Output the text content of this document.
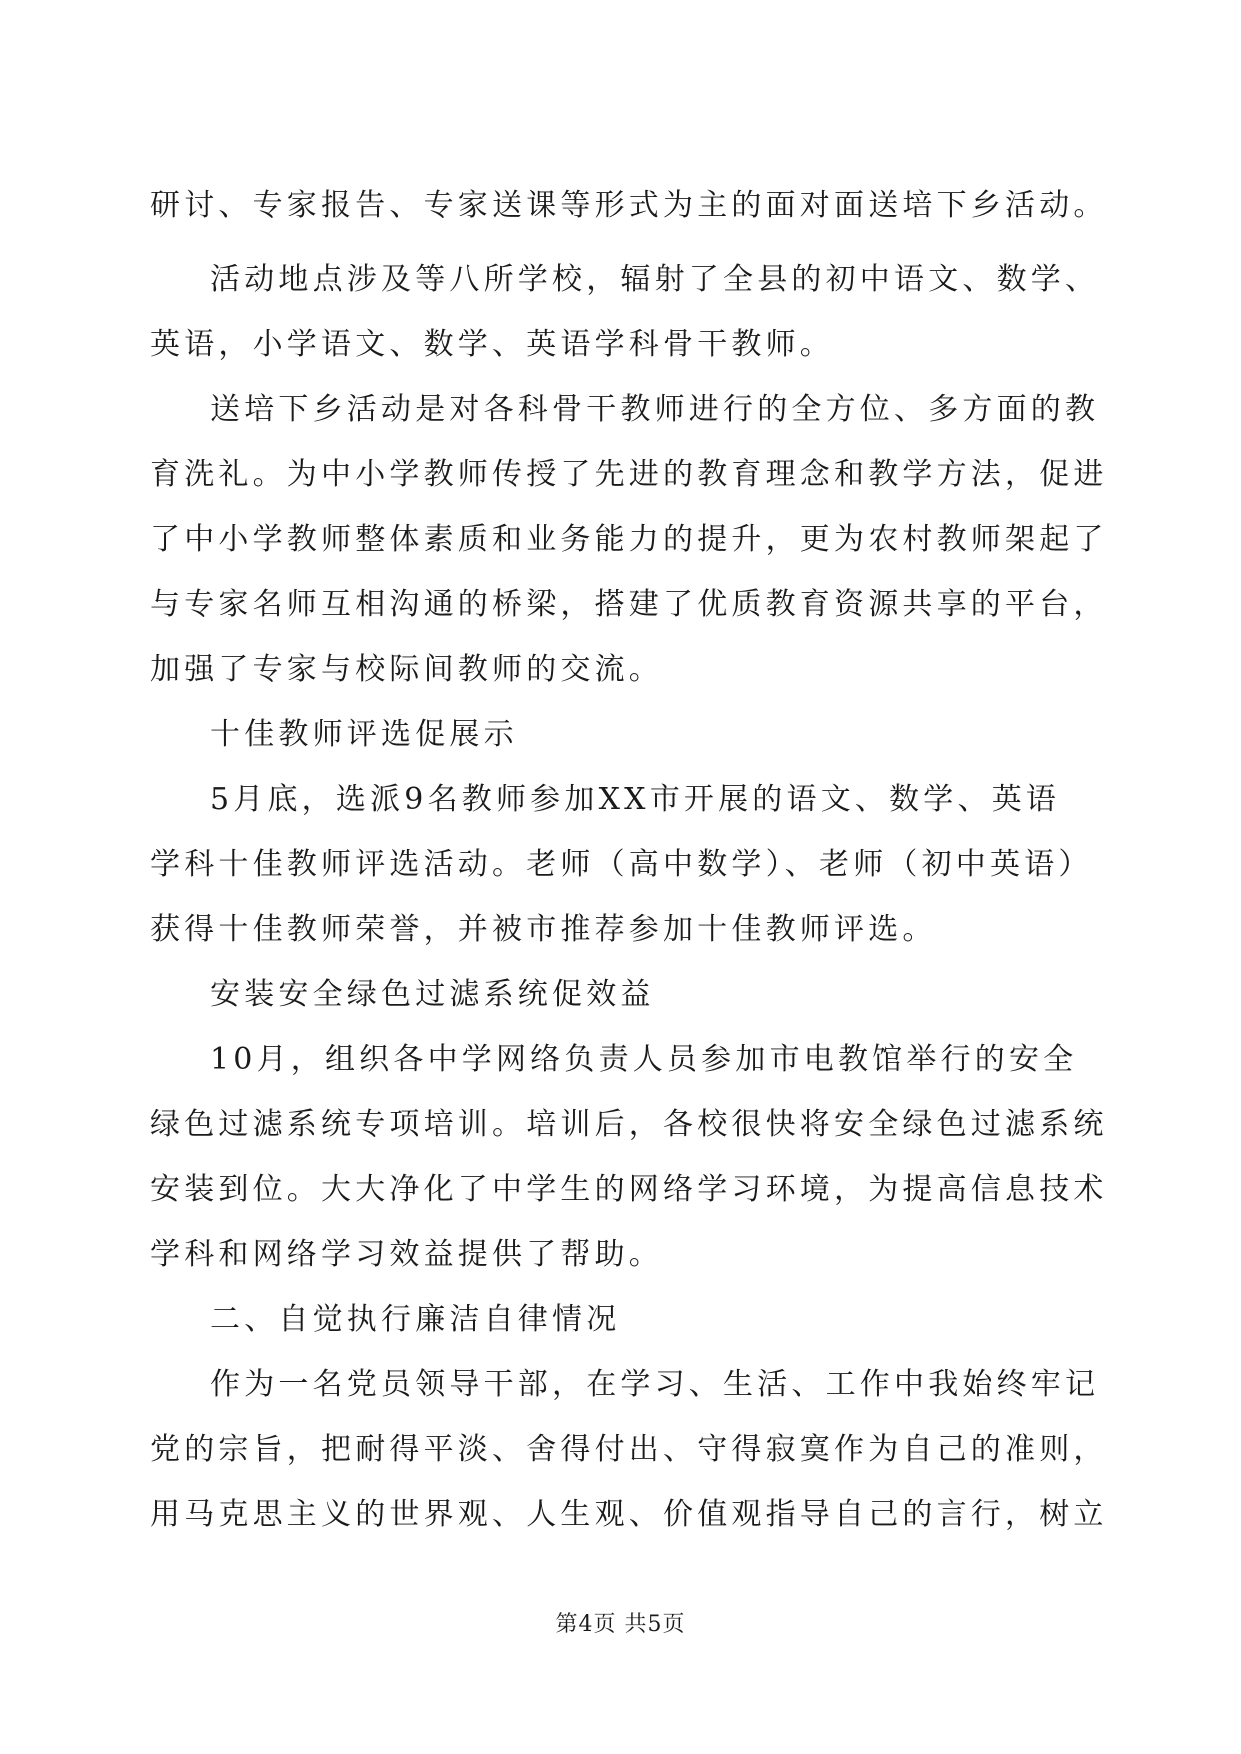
研讨、专家报告、专家送课等形式为主的面对面送培下乡活动。
活动地点涉及等八所学校，辐射了全县的初中语文、数学、
英语，小学语文、数学、英语学科骨干教师。
送培下乡活动是对各科骨干教师进行的全方位、多方面的教
育洗礼。为中小学教师传授了先进的教育理念和教学方法，促进
了中小学教师整体素质和业务能力的提升，更为农村教师架起了
与专家名师互相沟通的桥梁，搭建了优质教育资源共享的平台，
加强了专家与校际间教师的交流。
十佳教师评选促展示
5月底，选派9名教师参加XX市开展的语文、数学、英语
学科十佳教师评选活动。老师（高中数学）、老师（初中英语）
获得十佳教师荣誉，并被市推荐参加十佳教师评选。
安装安全绿色过滤系统促效益
10月，组织各中学网络负责人员参加市电教馆举行的安全
绿色过滤系统专项培训。培训后，各校很快将安全绿色过滤系统
安装到位。大大净化了中学生的网络学习环境，为提高信息技术
学科和网络学习效益提供了帮助。
二、自觉执行廉洁自律情况
作为一名党员领导干部，在学习、生活、工作中我始终牢记
党的宗旨，把耐得平淡、舍得付出、守得寂寞作为自己的准则，
用马克思主义的世界观、人生观、价值观指导自己的言行，树立
第4页 共5页
